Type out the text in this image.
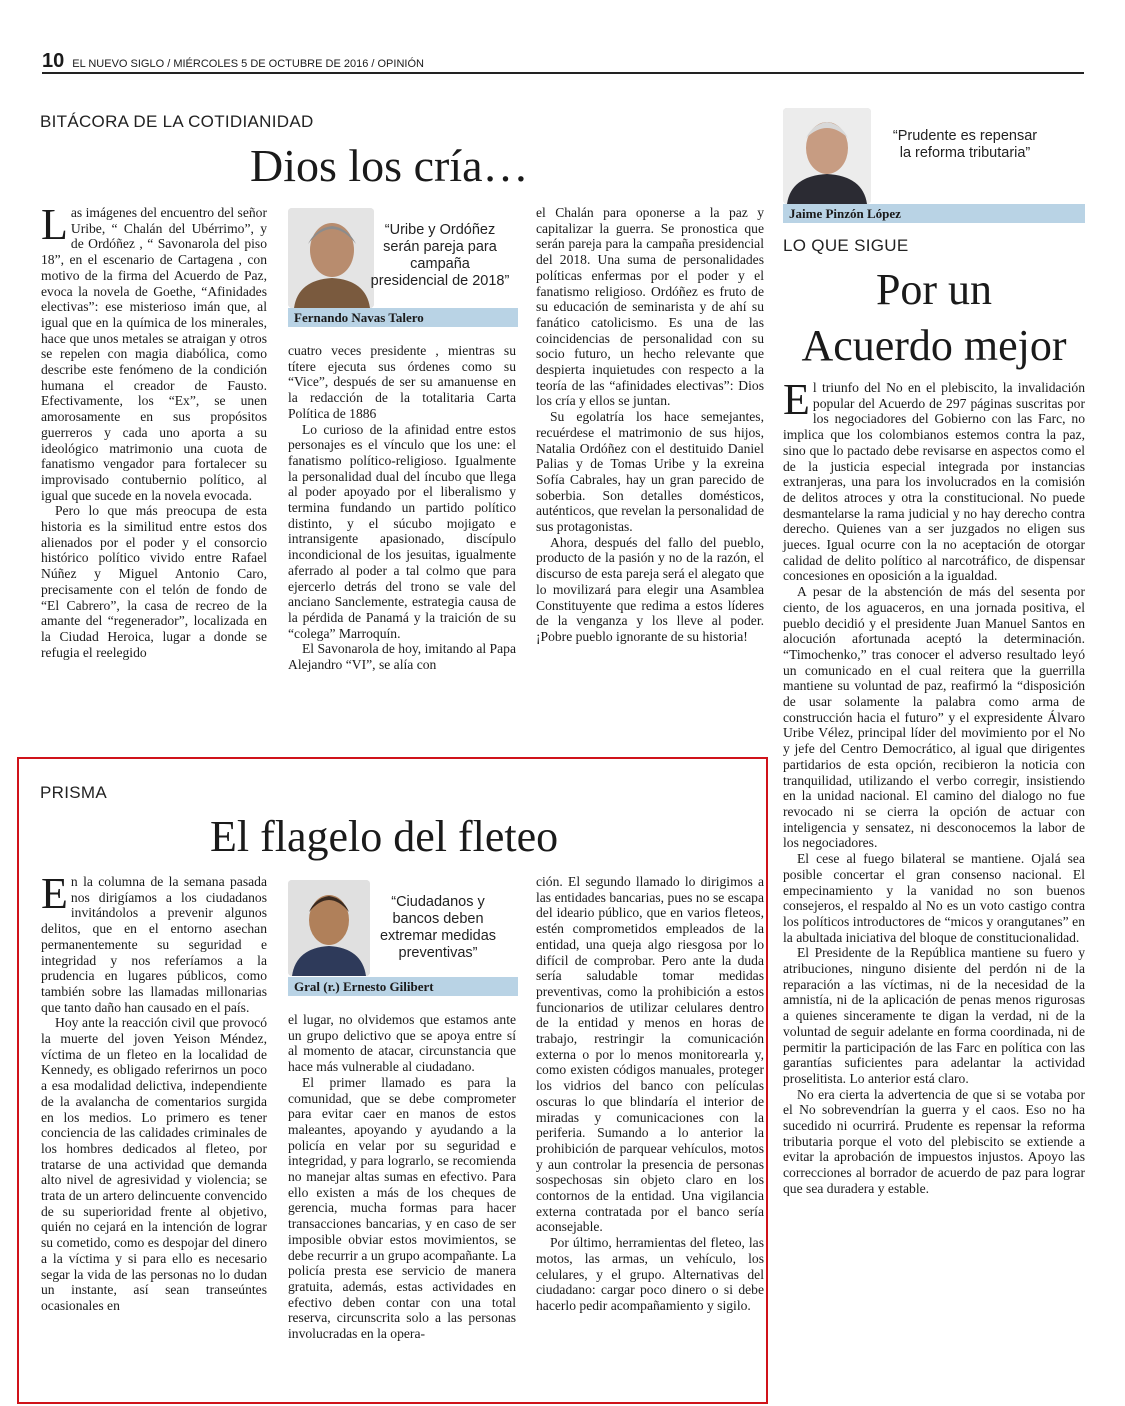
10 EL NUEVO SIGLO / MIÉRCOLES 5 DE OCTUBRE DE 2016 / OPINIÓN
BITÁCORA DE LA COTIDIANIDAD
Dios los cría…

Las imágenes del encuentro del señor Uribe, “ Chalán del Ubérrimo”, y de Ordóñez , “ Savonarola del piso 18”, en el escenario de Cartagena , con motivo de la firma del Acuerdo de Paz, evoca la novela de Goethe, “Afinidades electivas”: ese misterioso imán que, al igual que en la química de los minerales, hace que unos metales se atraigan y otros se repelen con magia diabólica, como describe este fenómeno de la condición humana el creador de Fausto. Efectivamente, los “Ex”, se unen amorosamente en sus propósitos guerreros y cada uno aporta a su ideológico matrimonio una cuota de fanatismo vengador para fortalecer su improvisado contubernio político, al igual que sucede en la novela evocada.

Pero lo que más preocupa de esta historia es la similitud entre estos dos alienados por el poder y el consorcio histórico político vivido entre Rafael Núñez y Miguel Antonio Caro, precisamente con el telón de fondo de “El Cabrero”, la casa de recreo de la amante del “regenerador”, localizada en la Ciudad Heroica, lugar a donde se refugia el reelegido

“Uribe y Ordóñez serán pareja para campaña presidencial de 2018”
Fernando Navas Talero

cuatro veces presidente , mientras su títere ejecuta sus órdenes como su “Vice”, después de ser su amanuense en la redacción de la totalitaria Carta Política de 1886

Lo curioso de la afinidad entre estos personajes es el vínculo que los une: el fanatismo político-religioso. Igualmente la personalidad dual del íncubo que llega al poder apoyado por el liberalismo y termina fundando un partido político distinto, y el súcubo mojigato e intransigente apasionado, discípulo incondicional de los jesuitas, igualmente aferrado al poder a tal colmo que para ejercerlo detrás del trono se vale del anciano Sanclemente, estrategia causa de la pérdida de Panamá y la traición de su “colega” Marroquín.

El Savonarola de hoy, imitando al Papa Alejandro “VI”, se alía con

el Chalán para oponerse a la paz y capitalizar la guerra. Se pronostica que serán pareja para la campaña presidencial del 2018. Una suma de personalidades políticas enfermas por el poder y el fanatismo religioso. Ordóñez es fruto de su educación de seminarista y de ahí su fanático catolicismo. Es una de las coincidencias de personalidad con su socio futuro, un hecho relevante que despierta inquietudes con respecto a la teoría de las “afinidades electivas”: Dios los cría y ellos se juntan.

Su egolatría los hace semejantes, recuérdese el matrimonio de sus hijos, Natalia Ordóñez con el destituido Daniel Palias y de Tomas Uribe y la exreina Sofía Cabrales, hay un gran parecido de soberbia. Son detalles domésticos, auténticos, que revelan la personalidad de sus protagonistas.

Ahora, después del fallo del pueblo, producto de la pasión y no de la razón, el discurso de esta pareja será el alegato que lo movilizará para elegir una Asamblea Constituyente que redima a estos líderes de la venganza y los lleve al poder. ¡Pobre pueblo ignorante de su historia!

PRISMA
El flagelo del fleteo

En la columna de la semana pasada nos dirigíamos a los ciudadanos invitándolos a prevenir algunos delitos, que en el entorno asechan permanentemente su seguridad e integridad y nos referíamos a la prudencia en lugares públicos, como también sobre las llamadas millonarias que tanto daño han causado en el país.

Hoy ante la reacción civil que provocó la muerte del joven Yeison Méndez, víctima de un fleteo en la localidad de Kennedy, es obligado referirnos un poco a esa modalidad delictiva, independiente de la avalancha de comentarios surgida en los medios. Lo primero es tener conciencia de las calidades criminales de los hombres dedicados al fleteo, por tratarse de una actividad que demanda alto nivel de agresividad y violencia; se trata de un artero delincuente convencido de su superioridad frente al objetivo, quién no cejará en la intención de lograr su cometido, como es despojar del dinero a la víctima y si para ello es necesario segar la vida de las personas no lo dudan un instante, así sean transeúntes ocasionales en

“Ciudadanos y bancos deben extremar medidas preventivas”
Gral (r.) Ernesto Gilibert

el lugar, no olvidemos que estamos ante un grupo delictivo que se apoya entre sí al momento de atacar, circunstancia que hace más vulnerable al ciudadano.

El primer llamado es para la comunidad, que se debe comprometer para evitar caer en manos de estos maleantes, apoyando y ayudando a la policía en velar por su seguridad e integridad, y para lograrlo, se recomienda no manejar altas sumas en efectivo. Para ello existen a más de los cheques de gerencia, mucha formas para hacer transacciones bancarias, y en caso de ser imposible obviar estos movimientos, se debe recurrir a un grupo acompañante. La policía presta ese servicio de manera gratuita, además, estas actividades en efectivo deben contar con una total reserva, circunscrita solo a las personas involucradas en la opera-

ción. El segundo llamado lo dirigimos a las entidades bancarias, pues no se escapa del ideario público, que en varios fleteos, estén comprometidos empleados de la entidad, una queja algo riesgosa por lo difícil de comprobar. Pero ante la duda sería saludable tomar medidas preventivas, como la prohibición a estos funcionarios de utilizar celulares dentro de la entidad y menos en horas de trabajo, restringir la comunicación externa o por lo menos monitorearla y, como existen códigos manuales, proteger los vidrios del banco con películas oscuras lo que blindaría el interior de miradas y comunicaciones con la periferia. Sumando a lo anterior la prohibición de parquear vehículos, motos y aun controlar la presencia de personas sospechosas sin objeto claro en los contornos de la entidad. Una vigilancia externa contratada por el banco sería aconsejable.

Por último, herramientas del fleteo, las motos, las armas, un vehículo, los celulares, y el grupo. Alternativas del ciudadano: cargar poco dinero o si debe hacerlo pedir acompañamiento y sigilo.

“Prudente es repensar la reforma tributaria”
Jaime Pinzón López
LO QUE SIGUE
Por un
Acuerdo mejor

El triunfo del No en el plebiscito, la invalidación popular del Acuerdo de 297 páginas suscritas por los negociadores del Gobierno con las Farc, no implica que los colombianos estemos contra la paz, sino que lo pactado debe revisarse en aspectos como el de la justicia especial integrada por instancias extranjeras, una para los involucrados en la comisión de delitos atroces y otra la constitucional. No puede desmantelarse la rama judicial y no hay derecho contra derecho. Quienes van a ser juzgados no eligen sus jueces. Igual ocurre con la no aceptación de otorgar calidad de delito político al narcotráfico, de dispensar concesiones en oposición a la igualdad.

A pesar de la abstención de más del sesenta por ciento, de los aguaceros, en una jornada positiva, el pueblo decidió y el presidente Juan Manuel Santos en alocución afortunada aceptó la determinación. “Timochenko,” tras conocer el adverso resultado leyó un comunicado en el cual reitera que la guerrilla mantiene su voluntad de paz, reafirmó la “disposición de usar solamente la palabra como arma de construcción hacia el futuro” y el expresidente Álvaro Uribe Vélez, principal líder del movimiento por el No y jefe del Centro Democrático, al igual que dirigentes partidarios de esta opción, recibieron la noticia con tranquilidad, utilizando el verbo corregir, insistiendo en la unidad nacional. El camino del dialogo no fue revocado ni se cierra la opción de actuar con inteligencia y sensatez, ni desconocemos la labor de los negociadores.

El cese al fuego bilateral se mantiene. Ojalá sea posible concertar el gran consenso nacional. El empecinamiento y la vanidad no son buenos consejeros, el respaldo al No es un voto castigo contra los políticos introductores de “micos y orangutanes” en la abultada iniciativa del bloque de constitucionalidad.

El Presidente de la República mantiene su fuero y atribuciones, ninguno disiente del perdón ni de la reparación a las víctimas, ni de la necesidad de la amnistía, ni de la aplicación de penas menos rigurosas a quienes sinceramente te digan la verdad, ni de la voluntad de seguir adelante en forma coordinada, ni de permitir la participación de las Farc en política con las garantías suficientes para adelantar la actividad proselitista. Lo anterior está claro.

No era cierta la advertencia de que si se votaba por el No sobrevendrían la guerra y el caos. Eso no ha sucedido ni ocurrirá. Prudente es repensar la reforma tributaria porque el voto del plebiscito se extiende a evitar la aprobación de impuestos injustos. Apoyo las correcciones al borrador de acuerdo de paz para lograr que sea duradera y estable.
